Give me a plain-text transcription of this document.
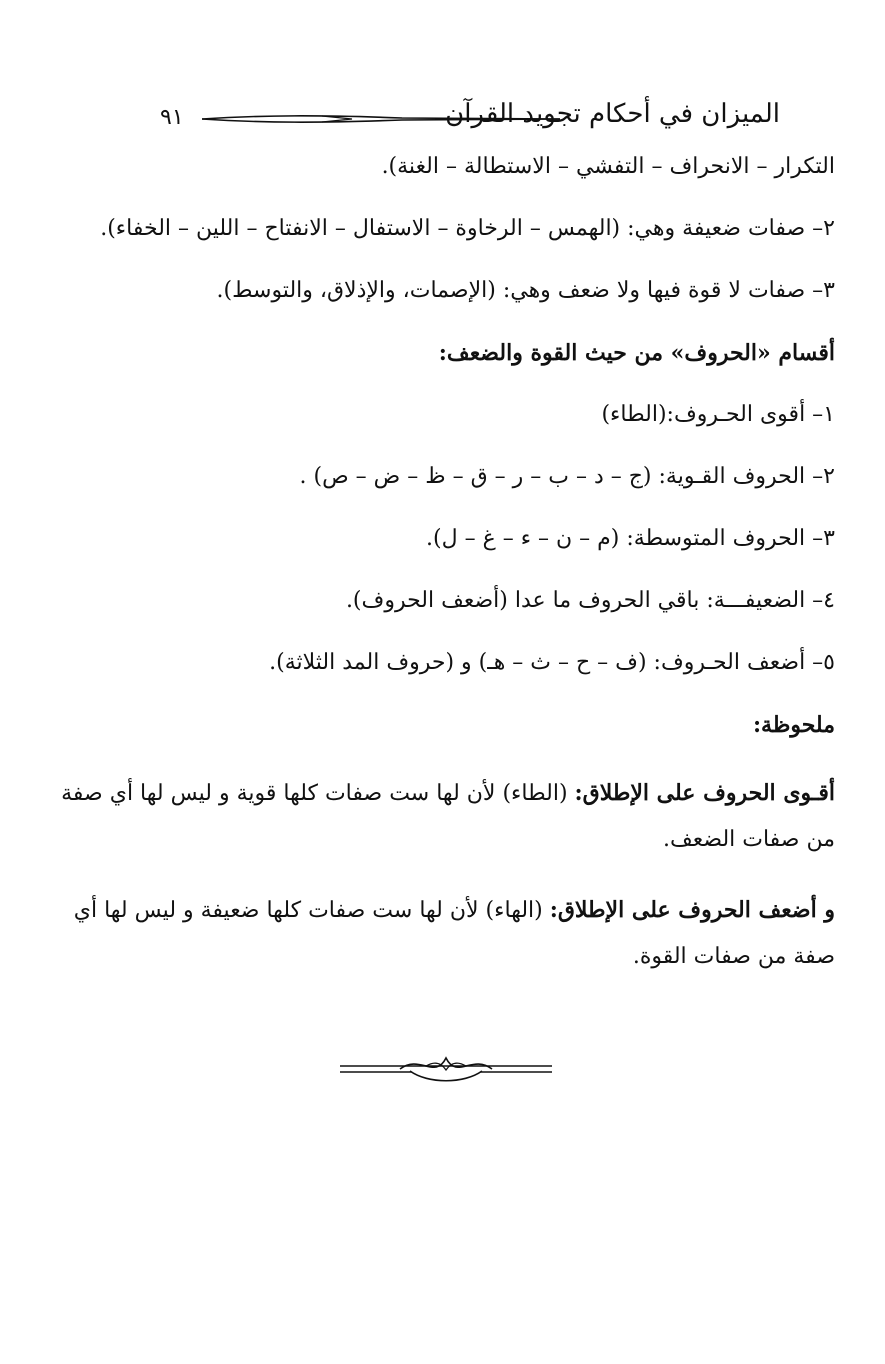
الميزان في أحكام تجويد القرآن
٩١

التكرار – الانحراف – التفشي – الاستطالة – الغنة).

٢– صفات ضعيفة وهي: (الهمس – الرخاوة – الاستفال – الانفتاح – اللين – الخفاء).

٣– صفات لا قوة فيها ولا ضعف وهي: (الإصمات، والإذلاق، والتوسط).

أقسام «الحروف» من حيث القوة والضعف:

١– أقوى الحـروف:(الطاء)

٢– الحروف القـوية: (ج – د – ب – ر – ق – ظ – ض – ص) .

٣– الحروف المتوسطة: (م – ن – ء – غ – ل).

٤– الضعيفـــة: باقي الحروف ما عدا (أضعف الحروف).

٥– أضعف الحـروف: (ف – ح – ث – هـ) و (حروف المد الثلاثة).

ملحوظة:

أقـوى الحروف على الإطلاق: (الطاء) لأن لها ست صفات كلها قوية و ليس لها أي صفة من صفات الضعف.

و أضعف الحروف على الإطلاق: (الهاء) لأن لها ست صفات كلها ضعيفة و ليس لها أي صفة من صفات القوة.
